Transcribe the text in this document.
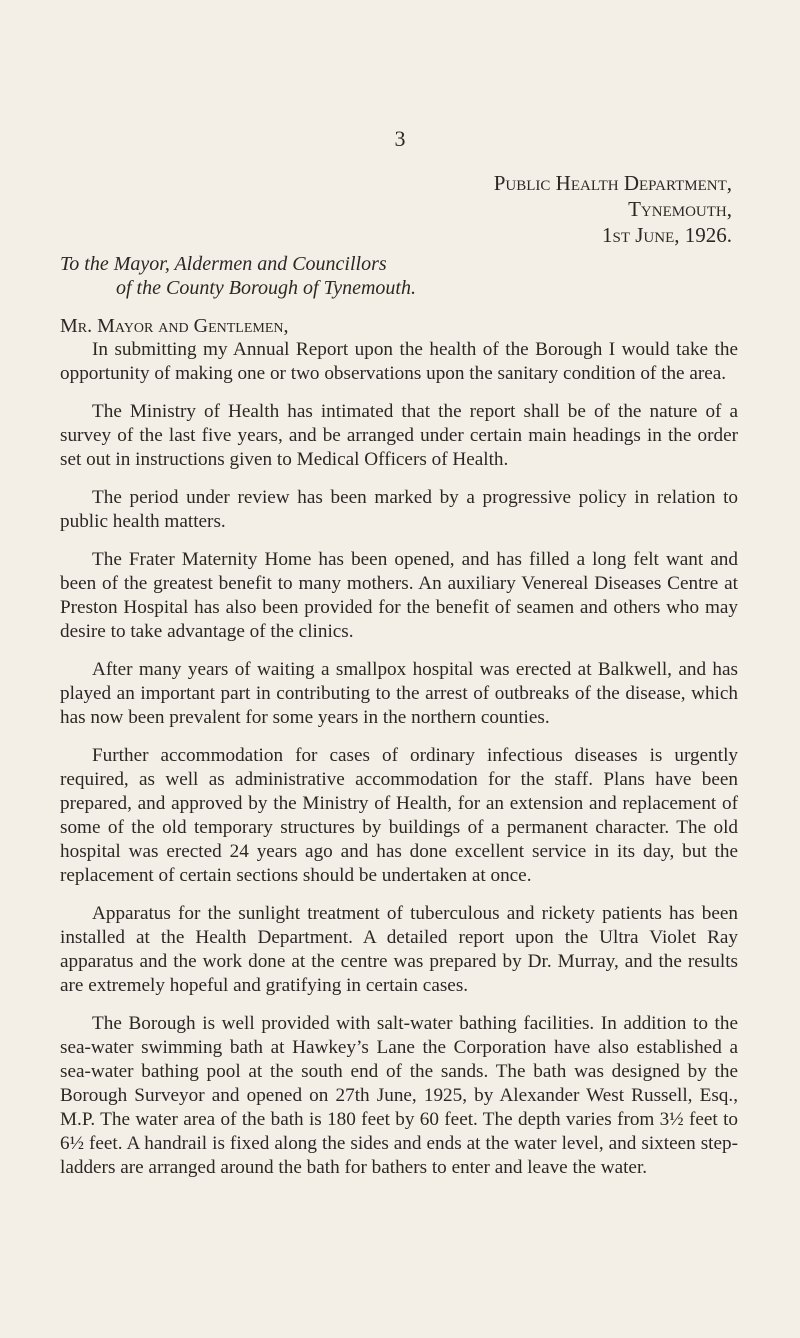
3
Public Health Department,
Tynemouth,
1st June, 1926.
To the Mayor, Aldermen and Councillors
of the County Borough of Tynemouth.
Mr. Mayor and Gentlemen,

In submitting my Annual Report upon the health of the Borough I would take the opportunity of making one or two observations upon the sanitary condition of the area.

The Ministry of Health has intimated that the report shall be of the nature of a survey of the last five years, and be arranged under certain main headings in the order set out in instructions given to Medical Officers of Health.

The period under review has been marked by a progressive policy in relation to public health matters.

The Frater Maternity Home has been opened, and has filled a long felt want and been of the greatest benefit to many mothers. An auxiliary Venereal Diseases Centre at Preston Hospital has also been provided for the benefit of seamen and others who may desire to take advantage of the clinics.

After many years of waiting a smallpox hospital was erected at Balkwell, and has played an important part in contributing to the arrest of outbreaks of the disease, which has now been prevalent for some years in the northern counties.

Further accommodation for cases of ordinary infectious diseases is urgently required, as well as administrative accommodation for the staff. Plans have been prepared, and approved by the Ministry of Health, for an extension and replacement of some of the old temporary structures by buildings of a permanent character. The old hospital was erected 24 years ago and has done excellent service in its day, but the replacement of certain sections should be undertaken at once.

Apparatus for the sunlight treatment of tuberculous and rickety patients has been installed at the Health Department. A detailed report upon the Ultra Violet Ray apparatus and the work done at the centre was prepared by Dr. Murray, and the results are extremely hopeful and gratifying in certain cases.

The Borough is well provided with salt-water bathing facilities. In addition to the sea-water swimming bath at Hawkey’s Lane the Corporation have also established a sea-water bathing pool at the south end of the sands. The bath was designed by the Borough Surveyor and opened on 27th June, 1925, by Alexander West Russell, Esq., M.P. The water area of the bath is 180 feet by 60 feet. The depth varies from 3½ feet to 6½ feet. A handrail is fixed along the sides and ends at the water level, and sixteen step-ladders are arranged around the bath for bathers to enter and leave the water.
